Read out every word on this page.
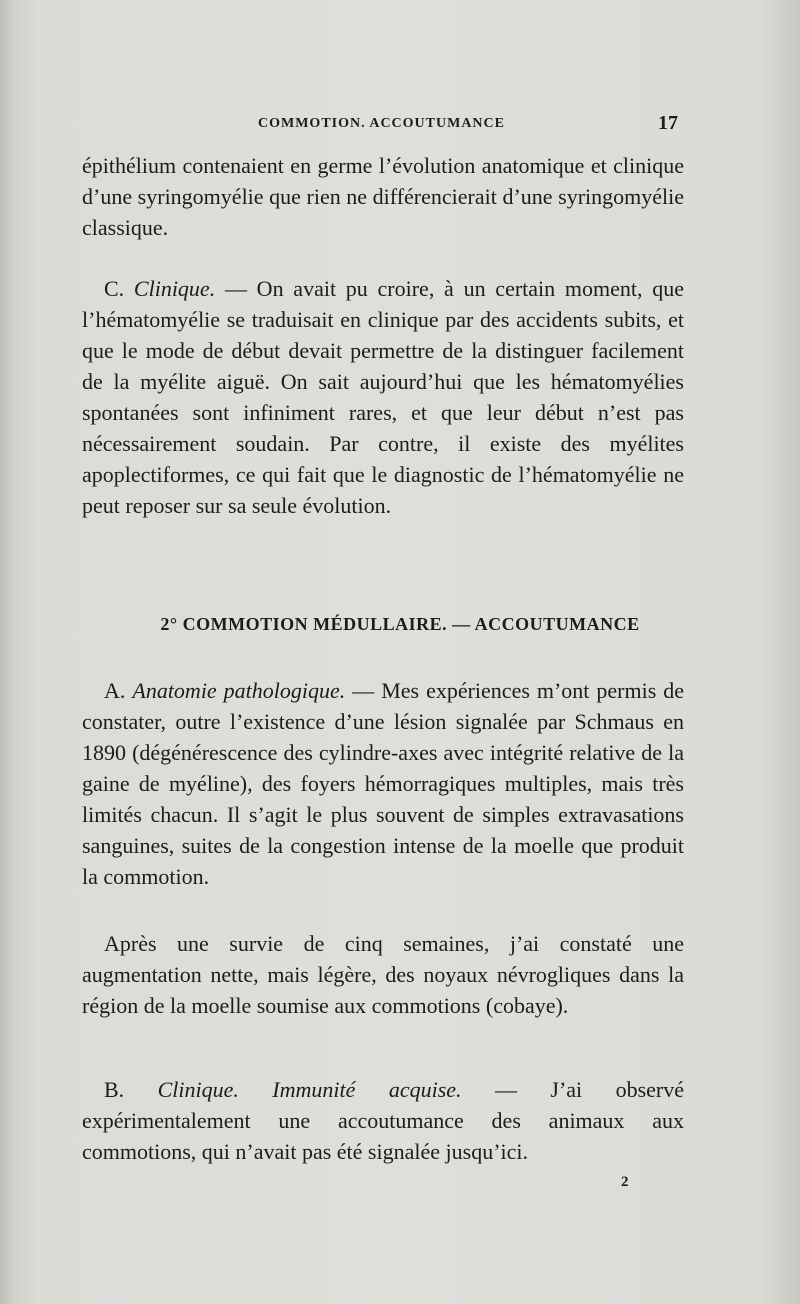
COMMOTION. ACCOUTUMANCE	17
épithélium contenaient en germe l’évolution anatomique et clinique d’une syringomyélie que rien ne différencierait d’une syringomyélie classique.
C. Clinique. — On avait pu croire, à un certain moment, que l’hématomyélie se traduisait en clinique par des accidents subits, et que le mode de début devait permettre de la distinguer facilement de la myélite aiguë. On sait aujourd’hui que les hématomyélies spontanées sont infiniment rares, et que leur début n’est pas nécessairement soudain. Par contre, il existe des myélites apoplectiformes, ce qui fait que le diagnostic de l’hématomyélie ne peut reposer sur sa seule évolution.
2° COMMOTION MÉDULLAIRE. — ACCOUTUMANCE
A. Anatomie pathologique. — Mes expériences m’ont permis de constater, outre l’existence d’une lésion signalée par Schmaus en 1890 (dégénérescence des cylindre-axes avec intégrité relative de la gaine de myéline), des foyers hémorragiques multiples, mais très limités chacun. Il s’agit le plus souvent de simples extravasations sanguines, suites de la congestion intense de la moelle que produit la commotion.
Après une survie de cinq semaines, j’ai constaté une augmentation nette, mais légère, des noyaux névrogliques dans la région de la moelle soumise aux commotions (cobaye).
B. Clinique. Immunité acquise. — J’ai observé expérimentalement une accoutumance des animaux aux commotions, qui n’avait pas été signalée jusqu’ici.
2
